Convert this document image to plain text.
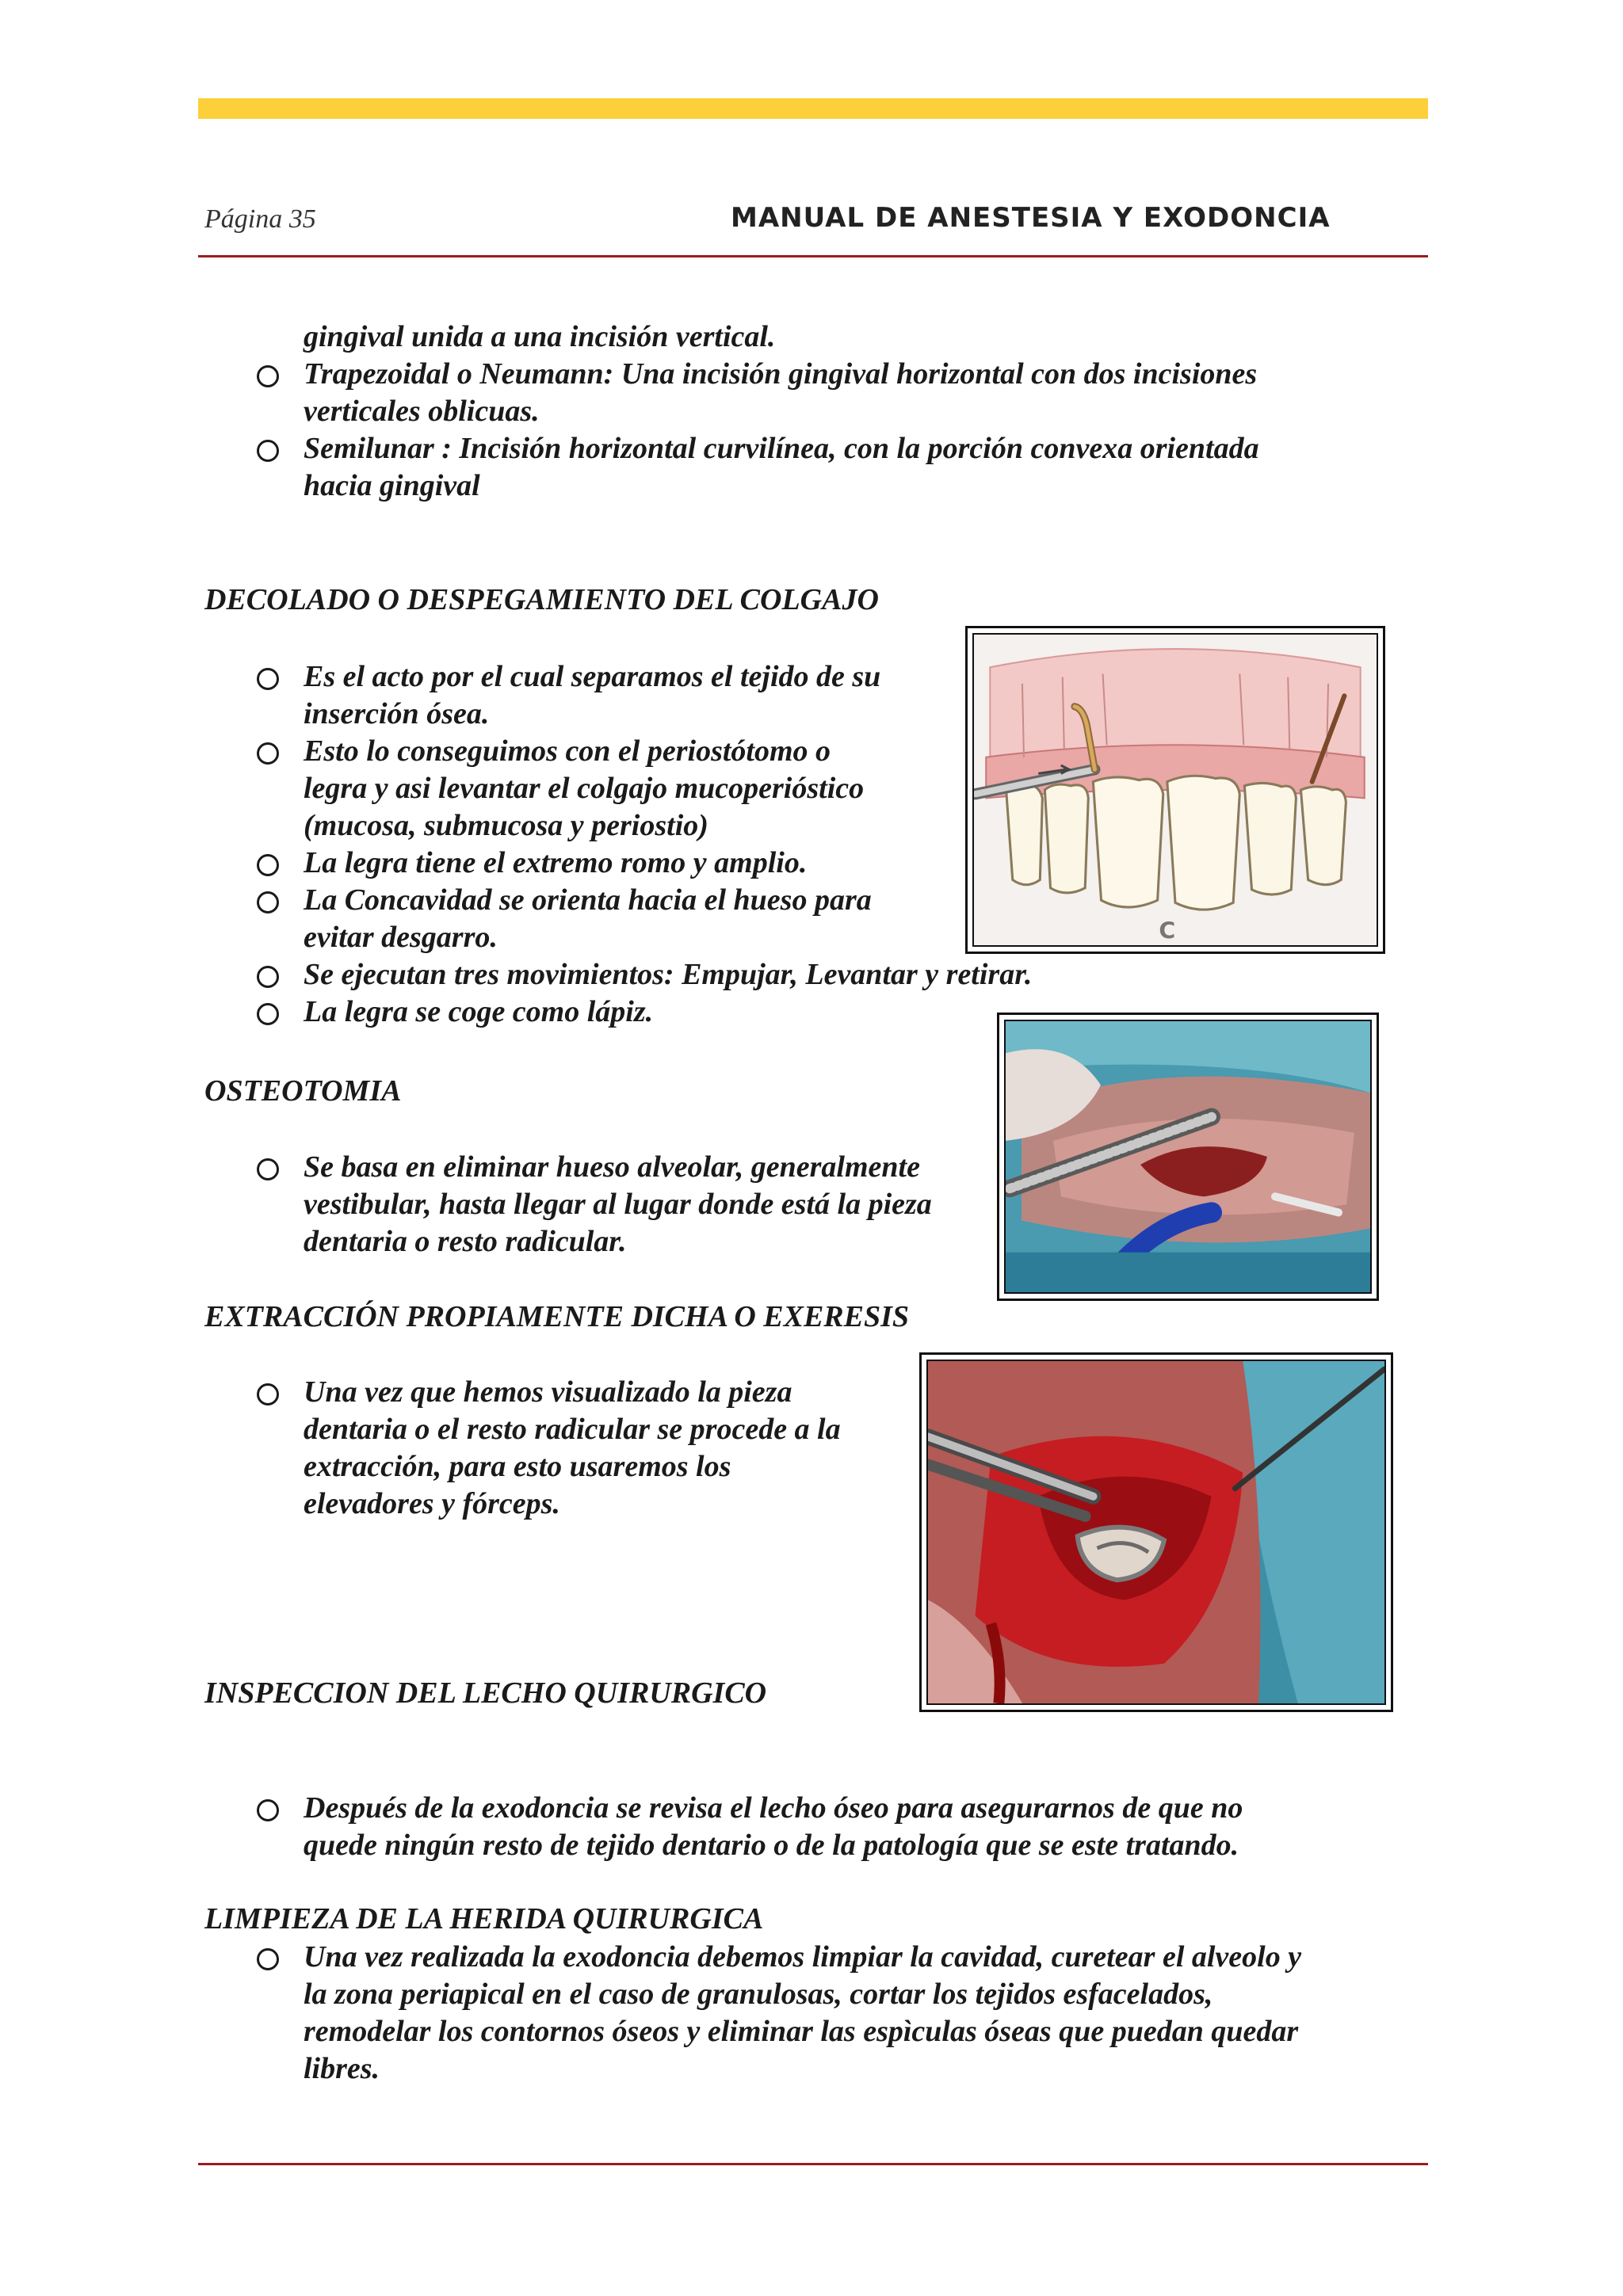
Página 35	MANUAL DE ANESTESIA Y EXODONCIA
gingival unida a una incisión vertical.
Trapezoidal o Neumann: Una incisión gingival horizontal con dos incisiones
verticales oblicuas.
Semilunar : Incisión horizontal curvilínea, con la porción convexa orientada
hacia gingival
DECOLADO O DESPEGAMIENTO DEL COLGAJO
Es el acto por el cual separamos el tejido de su
inserción ósea.
Esto lo conseguimos con el periostótomo o
legra y asi levantar el colgajo mucoperióstico
(mucosa, submucosa y periostio)
La legra tiene el extremo romo y amplio.
La Concavidad se orienta hacia el hueso para
evitar desgarro.
Se ejecutan tres movimientos: Empujar, Levantar y retirar.
La legra se coge como lápiz.
C
OSTEOTOMIA
Se basa en eliminar hueso alveolar, generalmente
vestibular, hasta llegar al lugar donde está la pieza
dentaria o resto radicular.
EXTRACCIÓN PROPIAMENTE DICHA O EXERESIS
Una vez que hemos visualizado la pieza
dentaria o el resto radicular se procede a la
extracción, para esto usaremos los
elevadores y fórceps.
INSPECCION DEL LECHO QUIRURGICO
Después de la exodoncia se revisa el lecho óseo para asegurarnos de que no
quede ningún resto de tejido dentario o de la patología que se este tratando.
LIMPIEZA DE LA HERIDA QUIRURGICA
Una vez realizada la exodoncia debemos limpiar la cavidad, curetear el alveolo y
la zona periapical en el caso de granulosas, cortar los tejidos esfacelados,
remodelar los contornos óseos y eliminar las espìculas óseas que puedan quedar
libres.
